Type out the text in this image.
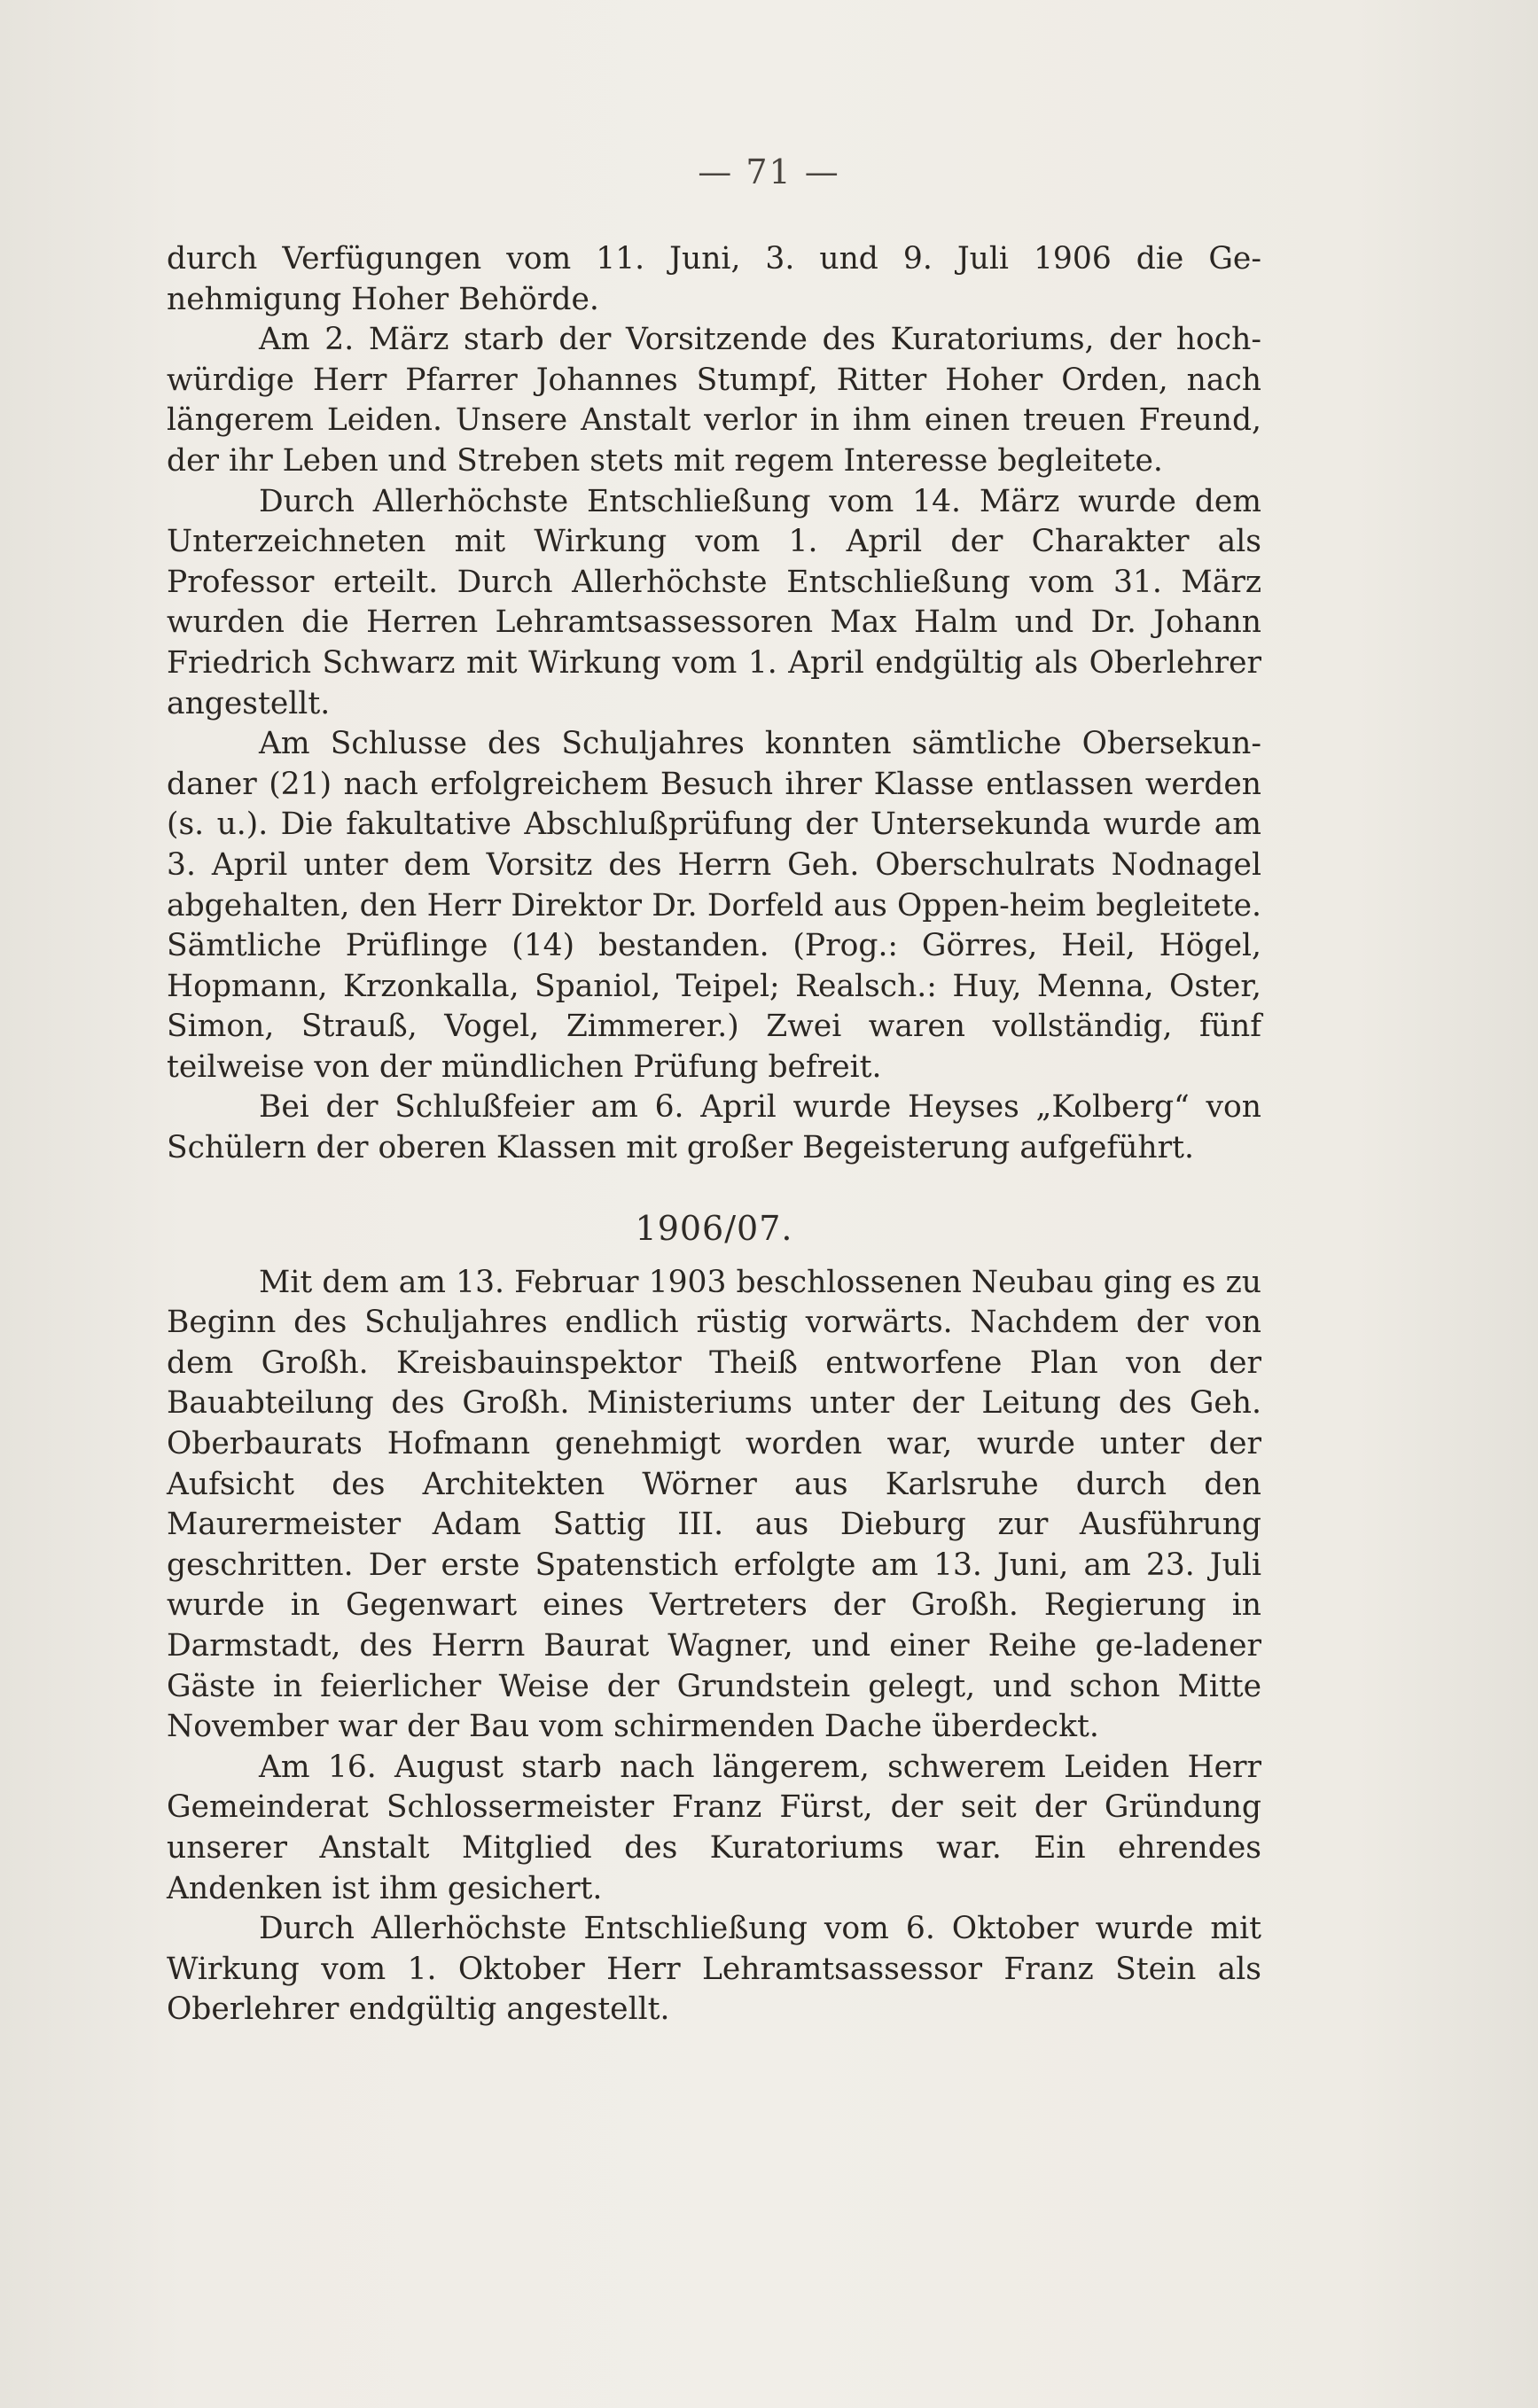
— 71 —

durch Verfügungen vom 11. Juni, 3. und 9. Juli 1906 die Ge-nehmigung Hoher Behörde.

Am 2. März starb der Vorsitzende des Kuratoriums, der hoch-würdige Herr Pfarrer Johannes Stumpf, Ritter Hoher Orden, nach längerem Leiden. Unsere Anstalt verlor in ihm einen treuen Freund, der ihr Leben und Streben stets mit regem Interesse begleitete.

Durch Allerhöchste Entschließung vom 14. März wurde dem Unterzeichneten mit Wirkung vom 1. April der Charakter als Professor erteilt. Durch Allerhöchste Entschließung vom 31. März wurden die Herren Lehramtsassessoren Max Halm und Dr. Johann Friedrich Schwarz mit Wirkung vom 1. April endgültig als Oberlehrer angestellt.

Am Schlusse des Schuljahres konnten sämtliche Obersekun-daner (21) nach erfolgreichem Besuch ihrer Klasse entlassen werden (s. u.). Die fakultative Abschlußprüfung der Untersekunda wurde am 3. April unter dem Vorsitz des Herrn Geh. Oberschulrats Nodnagel abgehalten, den Herr Direktor Dr. Dorfeld aus Oppen-heim begleitete. Sämtliche Prüflinge (14) bestanden. (Prog.: Görres, Heil, Högel, Hopmann, Krzonkalla, Spaniol, Teipel; Realsch.: Huy, Menna, Oster, Simon, Strauß, Vogel, Zimmerer.) Zwei waren vollständig, fünf teilweise von der mündlichen Prüfung befreit.

Bei der Schlußfeier am 6. April wurde Heyses „Kolberg“ von Schülern der oberen Klassen mit großer Begeisterung aufgeführt.

1906/07.

Mit dem am 13. Februar 1903 beschlossenen Neubau ging es zu Beginn des Schuljahres endlich rüstig vorwärts. Nachdem der von dem Großh. Kreisbauinspektor Theiß entworfene Plan von der Bauabteilung des Großh. Ministeriums unter der Leitung des Geh. Oberbaurats Hofmann genehmigt worden war, wurde unter der Aufsicht des Architekten Wörner aus Karlsruhe durch den Maurermeister Adam Sattig III. aus Dieburg zur Ausführung geschritten. Der erste Spatenstich erfolgte am 13. Juni, am 23. Juli wurde in Gegenwart eines Vertreters der Großh. Regierung in Darmstadt, des Herrn Baurat Wagner, und einer Reihe ge-ladener Gäste in feierlicher Weise der Grundstein gelegt, und schon Mitte November war der Bau vom schirmenden Dache überdeckt.

Am 16. August starb nach längerem, schwerem Leiden Herr Gemeinderat Schlossermeister Franz Fürst, der seit der Gründung unserer Anstalt Mitglied des Kuratoriums war. Ein ehrendes Andenken ist ihm gesichert.

Durch Allerhöchste Entschließung vom 6. Oktober wurde mit Wirkung vom 1. Oktober Herr Lehramtsassessor Franz Stein als Oberlehrer endgültig angestellt.
